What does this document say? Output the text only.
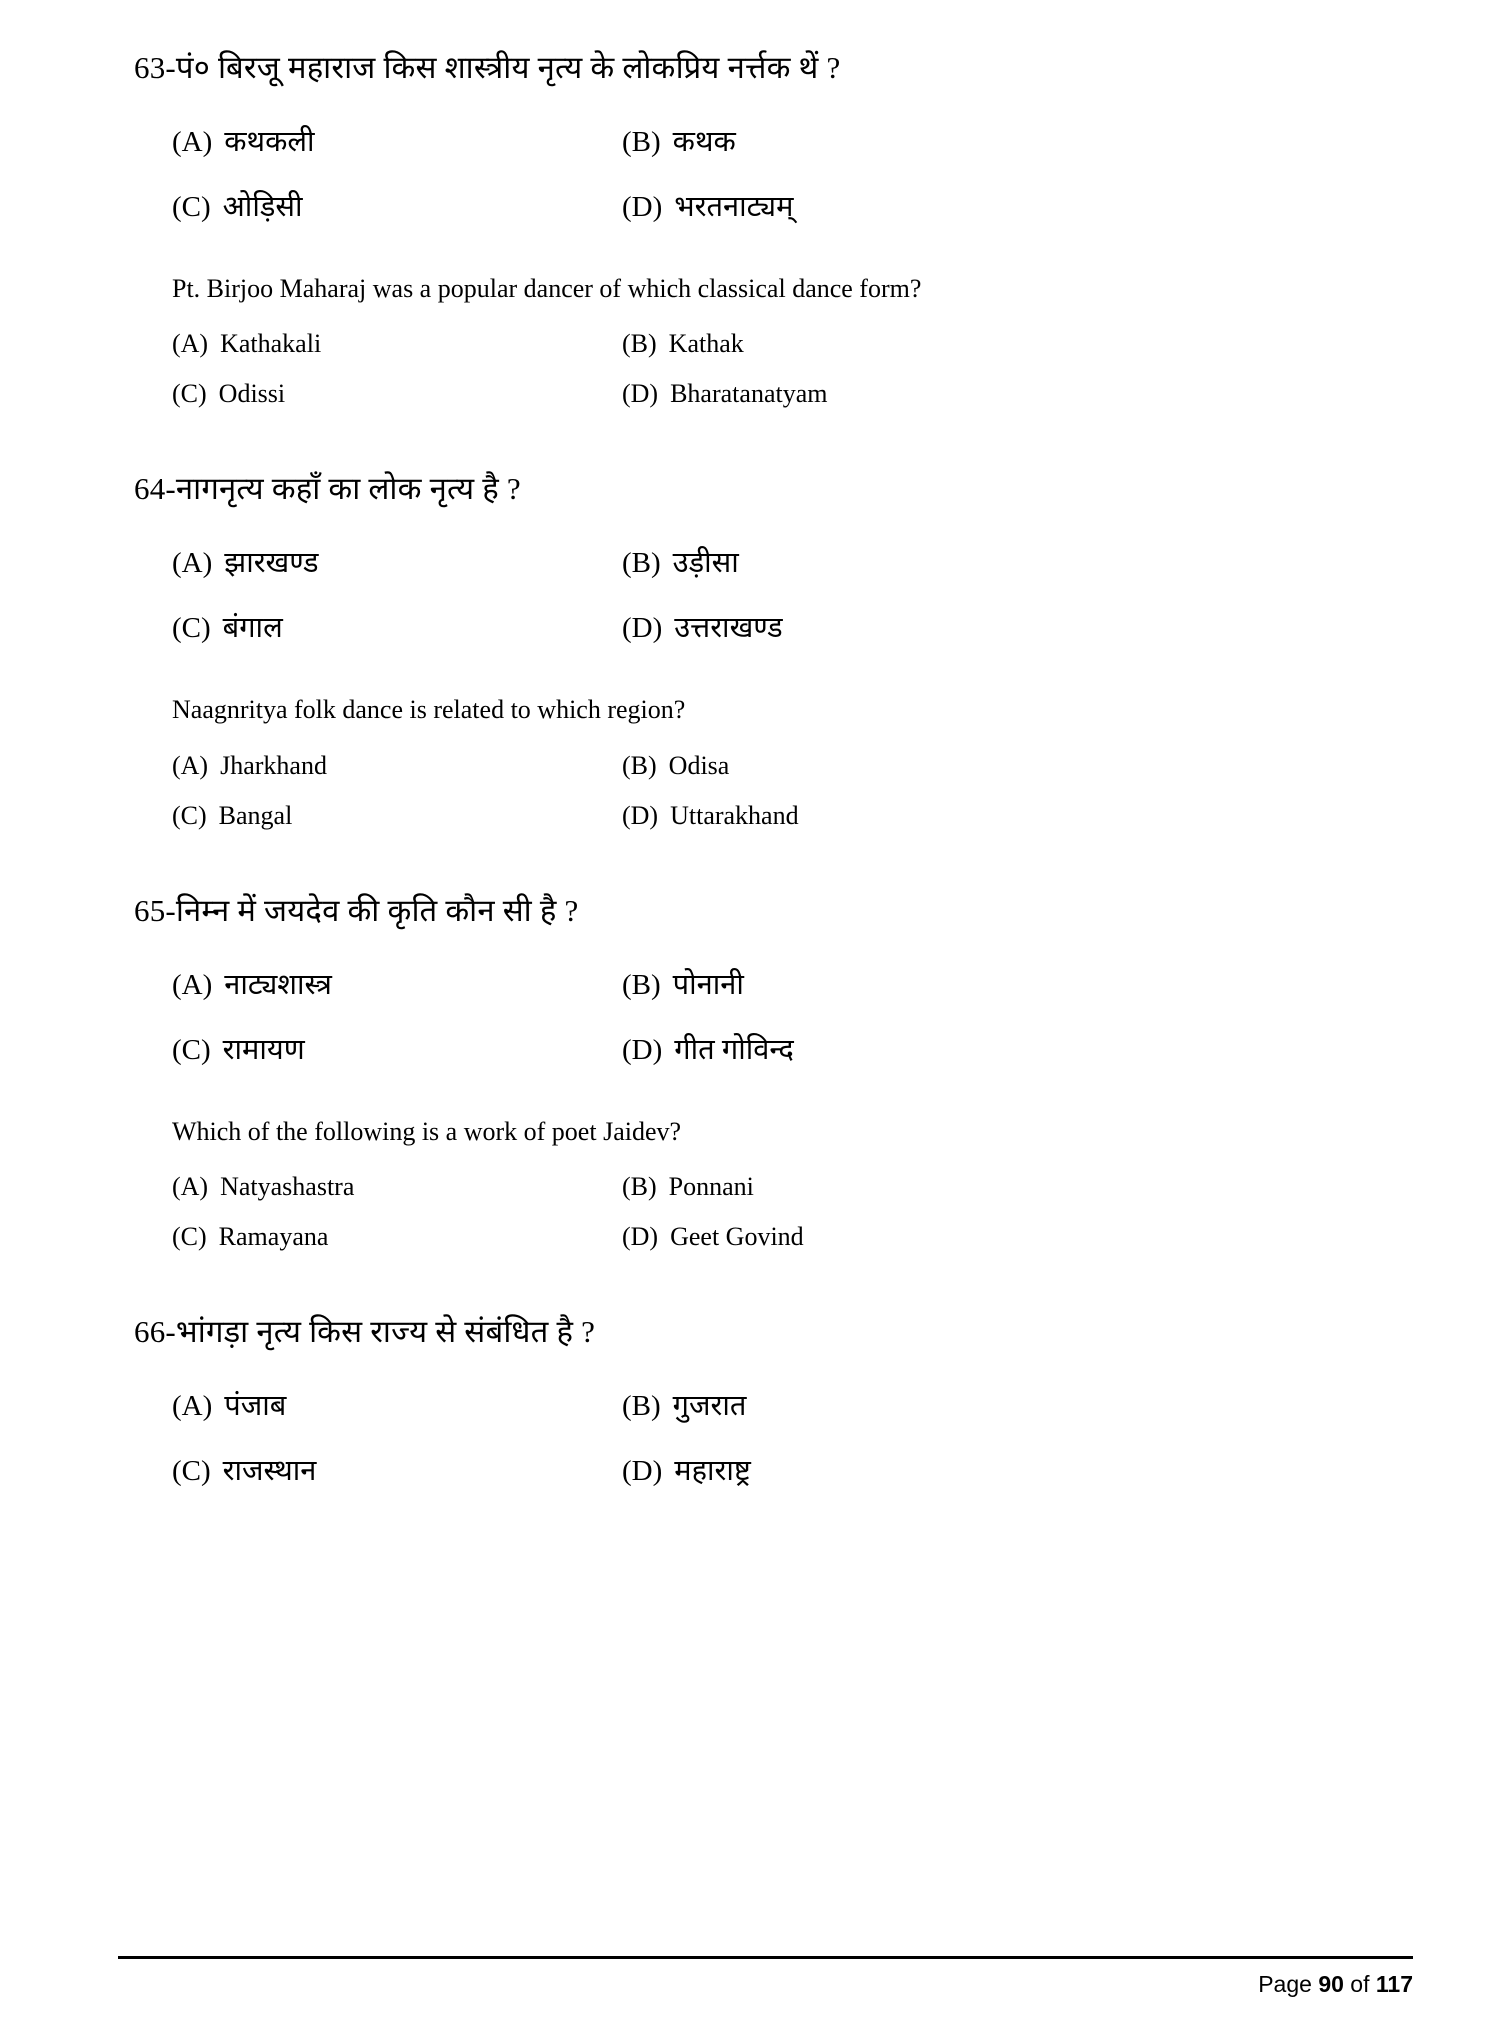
63-पं० बिरजू महाराज किस शास्त्रीय नृत्य के लोकप्रिय नर्त्तक थें ?
(A) कथकली	(B) कथक
(C) ओड़िसी	(D) भरतनाट्यम्
Pt. Birjoo Maharaj was a popular dancer of which classical dance form?
(A) Kathakali	(B) Kathak
(C) Odissi	(D) Bharatanatyam
64-नागनृत्य कहाँ का लोक नृत्य है ?
(A) झारखण्ड	(B) उड़ीसा
(C) बंगाल	(D) उत्तराखण्ड
Naagnritya folk dance is related to which region?
(A) Jharkhand	(B) Odisa
(C) Bangal	(D) Uttarakhand
65-निम्न में जयदेव की कृति कौन सी है ?
(A) नाट्यशास्त्र	(B) पोनानी
(C) रामायण	(D) गीत गोविन्द
Which of the following is a work of poet Jaidev?
(A) Natyashastra	(B) Ponnani
(C) Ramayana	(D) Geet Govind
66-भांगड़ा नृत्य किस राज्य से संबंधित है ?
(A) पंजाब	(B) गुजरात
(C) राजस्थान	(D) महाराष्ट्र
Page 90 of 117
